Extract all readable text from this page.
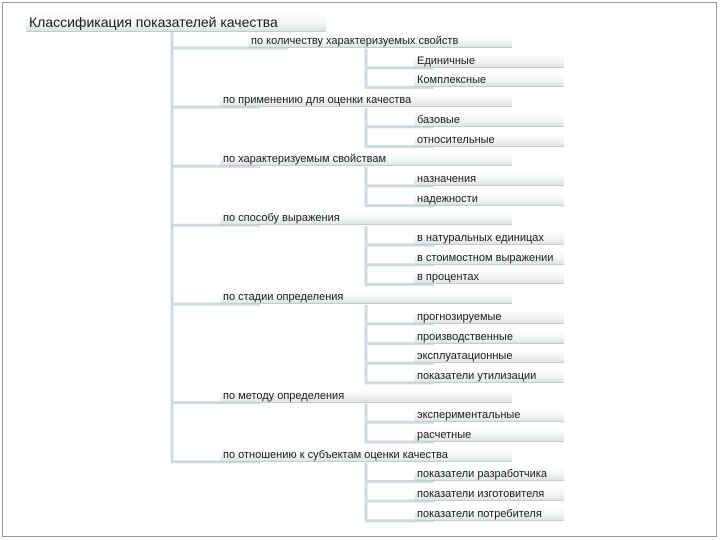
Классификация показателей качества
по количеству характеризуемых свойств
Единичные
Комплексные
по применению для оценки качества
базовые
относительные
по характеризуемым свойствам
назначения
надежности
по способу выражения
в натуральных единицах
в стоимостном выражении
в процентах
по стадии определения
прогнозируемые
производственные
эксплуатационные
показатели утилизации
по методу определения
экспериментальные
расчетные
по отношению к субъектам оценки качества
показатели разработчика
показатели изготовителя
показатели потребителя
